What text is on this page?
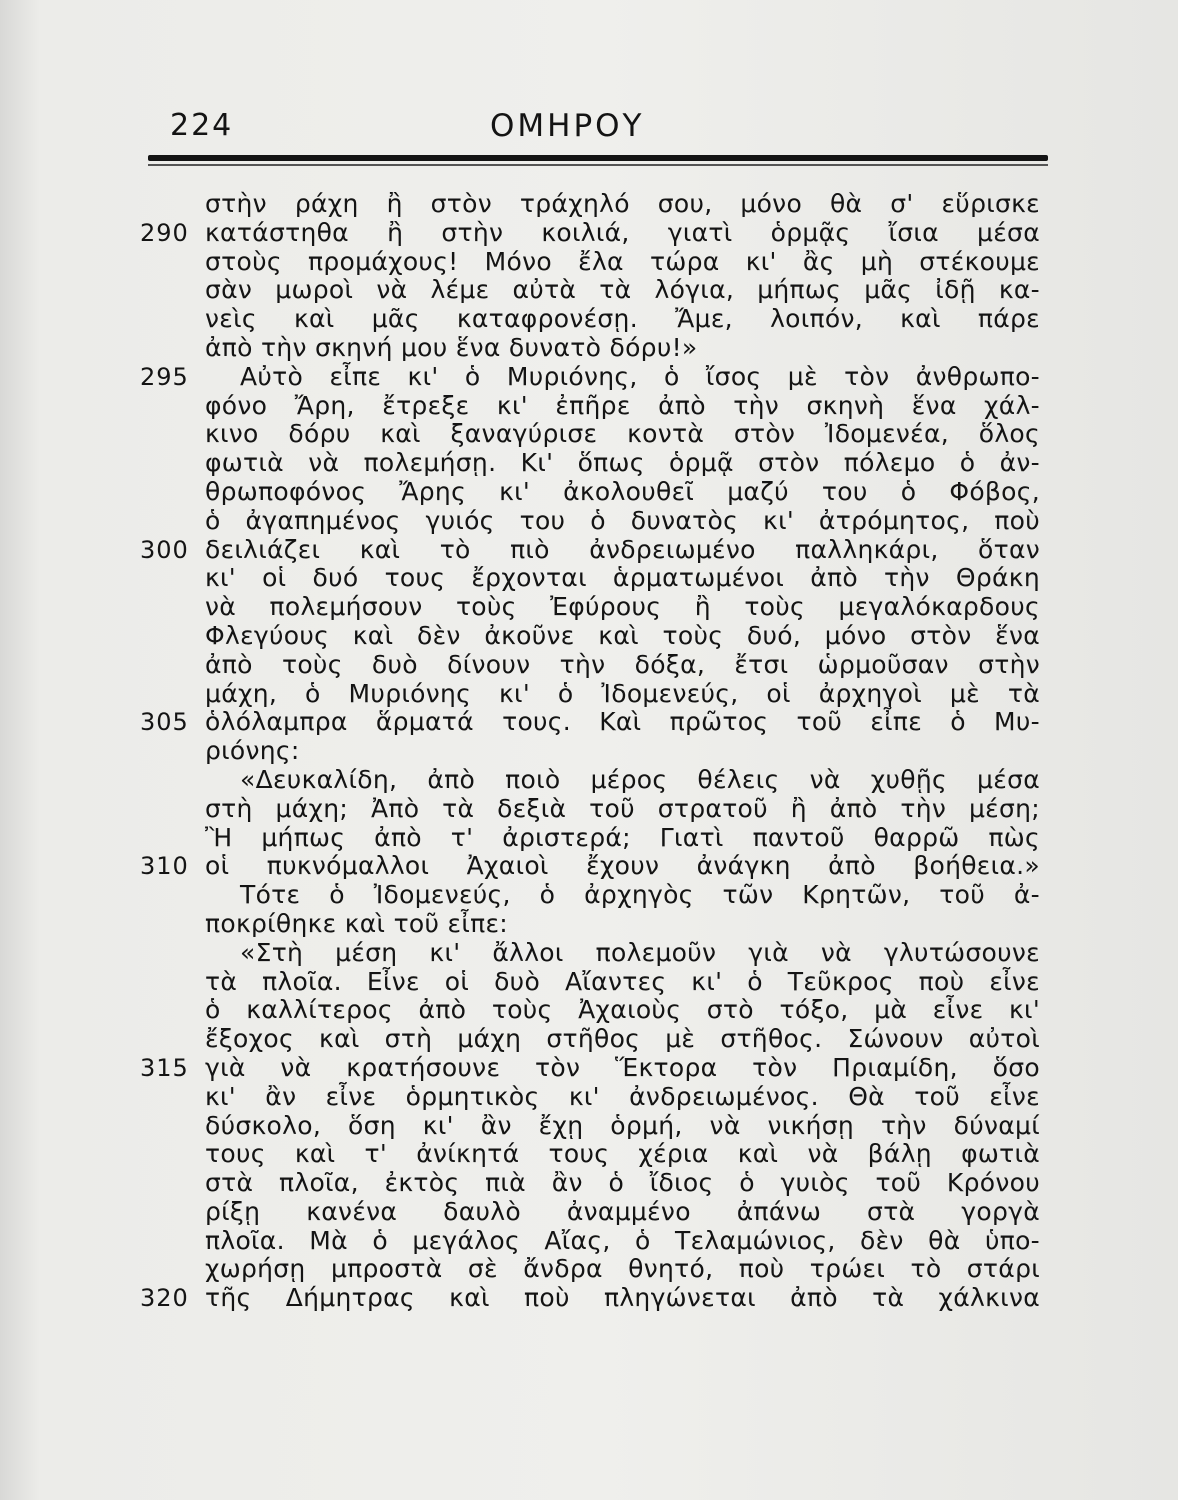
224	ΟΜΗΡΟΥ
στὴν ράχη ἢ στὸν τράχηλό σου, μόνο θὰ σ' εὕρισκε
290 κατάστηθα ἢ στὴν κοιλιά, γιατὶ ὁρμᾷς ἴσια μέσα
στοὺς προμάχους! Μόνο ἔλα τώρα κι' ἂς μὴ στέκουμε
σὰν μωροὶ νὰ λέμε αὐτὰ τὰ λόγια, μήπως μᾶς ἰδῇ κα-
νεὶς καὶ μᾶς καταφρονέσῃ. Ἄμε, λοιπόν, καὶ πάρε
ἀπὸ τὴν σκηνή μου ἕνα δυνατὸ δόρυ!»
295	Αὐτὸ εἶπε κι' ὁ Μυριόνης, ὁ ἴσος μὲ τὸν ἀνθρωπο-
φόνο Ἄρη, ἔτρεξε κι' ἐπῆρε ἀπὸ τὴν σκηνὴ ἕνα χάλ-
κινο δόρυ καὶ ξαναγύρισε κοντὰ στὸν Ἰδομενέα, ὅλος
φωτιὰ νὰ πολεμήσῃ. Κι' ὅπως ὁρμᾷ στὸν πόλεμο ὁ ἀν-
θρωποφόνος Ἄρης κι' ἀκολουθεῖ μαζύ του ὁ Φόβος,
ὁ ἀγαπημένος γυιός του ὁ δυνατὸς κι' ἀτρόμητος, ποὺ
300 δειλιάζει καὶ τὸ πιὸ ἀνδρειωμένο παλληκάρι, ὅταν
κι' οἱ δυό τους ἔρχονται ἁρματωμένοι ἀπὸ τὴν Θράκη
νὰ πολεμήσουν τοὺς Ἐφύρους ἢ τοὺς μεγαλόκαρδους
Φλεγύους καὶ δὲν ἀκοῦνε καὶ τοὺς δυό, μόνο στὸν ἕνα
ἀπὸ τοὺς δυὸ δίνουν τὴν δόξα, ἔτσι ὡρμοῦσαν στὴν
μάχη, ὁ Μυριόνης κι' ὁ Ἰδομενεύς, οἱ ἀρχηγοὶ μὲ τὰ
305 ὁλόλαμπρα ἅρματά τους. Καὶ πρῶτος τοῦ εἶπε ὁ Μυ-
ριόνης:
«Δευκαλίδη, ἀπὸ ποιὸ μέρος θέλεις νὰ χυθῇς μέσα
στὴ μάχη; Ἀπὸ τὰ δεξιὰ τοῦ στρατοῦ ἢ ἀπὸ τὴν μέση;
Ἢ μήπως ἀπὸ τ' ἀριστερά; Γιατὶ παντοῦ θαρρῶ πὼς
310 οἱ πυκνόμαλλοι Ἀχαιοὶ ἔχουν ἀνάγκη ἀπὸ βοήθεια.»
Τότε ὁ Ἰδομενεύς, ὁ ἀρχηγὸς τῶν Κρητῶν, τοῦ ἀ-
ποκρίθηκε καὶ τοῦ εἶπε:
«Στὴ μέση κι' ἄλλοι πολεμοῦν γιὰ νὰ γλυτώσουνε
τὰ πλοῖα. Εἶνε οἱ δυὸ Αἴαντες κι' ὁ Τεῦκρος ποὺ εἶνε
ὁ καλλίτερος ἀπὸ τοὺς Ἀχαιοὺς στὸ τόξο, μὰ εἶνε κι'
ἔξοχος καὶ στὴ μάχη στῆθος μὲ στῆθος. Σώνουν αὐτοὶ
315 γιὰ νὰ κρατήσουνε τὸν Ἕκτορα τὸν Πριαμίδη, ὅσο
κι' ἂν εἶνε ὁρμητικὸς κι' ἀνδρειωμένος. Θὰ τοῦ εἶνε
δύσκολο, ὅση κι' ἂν ἔχῃ ὁρμή, νὰ νικήσῃ τὴν δύναμί
τους καὶ τ' ἀνίκητά τους χέρια καὶ νὰ βάλῃ φωτιὰ
στὰ πλοῖα, ἐκτὸς πιὰ ἂν ὁ ἴδιος ὁ γυιὸς τοῦ Κρόνου
ρίξῃ κανένα δαυλὸ ἀναμμένο ἀπάνω στὰ γοργὰ
πλοῖα. Μὰ ὁ μεγάλος Αἴας, ὁ Τελαμώνιος, δὲν θὰ ὑπο-
χωρήσῃ μπροστὰ σὲ ἄνδρα θνητό, ποὺ τρώει τὸ στάρι
320 τῆς Δήμητρας καὶ ποὺ πληγώνεται ἀπὸ τὰ χάλκινα
